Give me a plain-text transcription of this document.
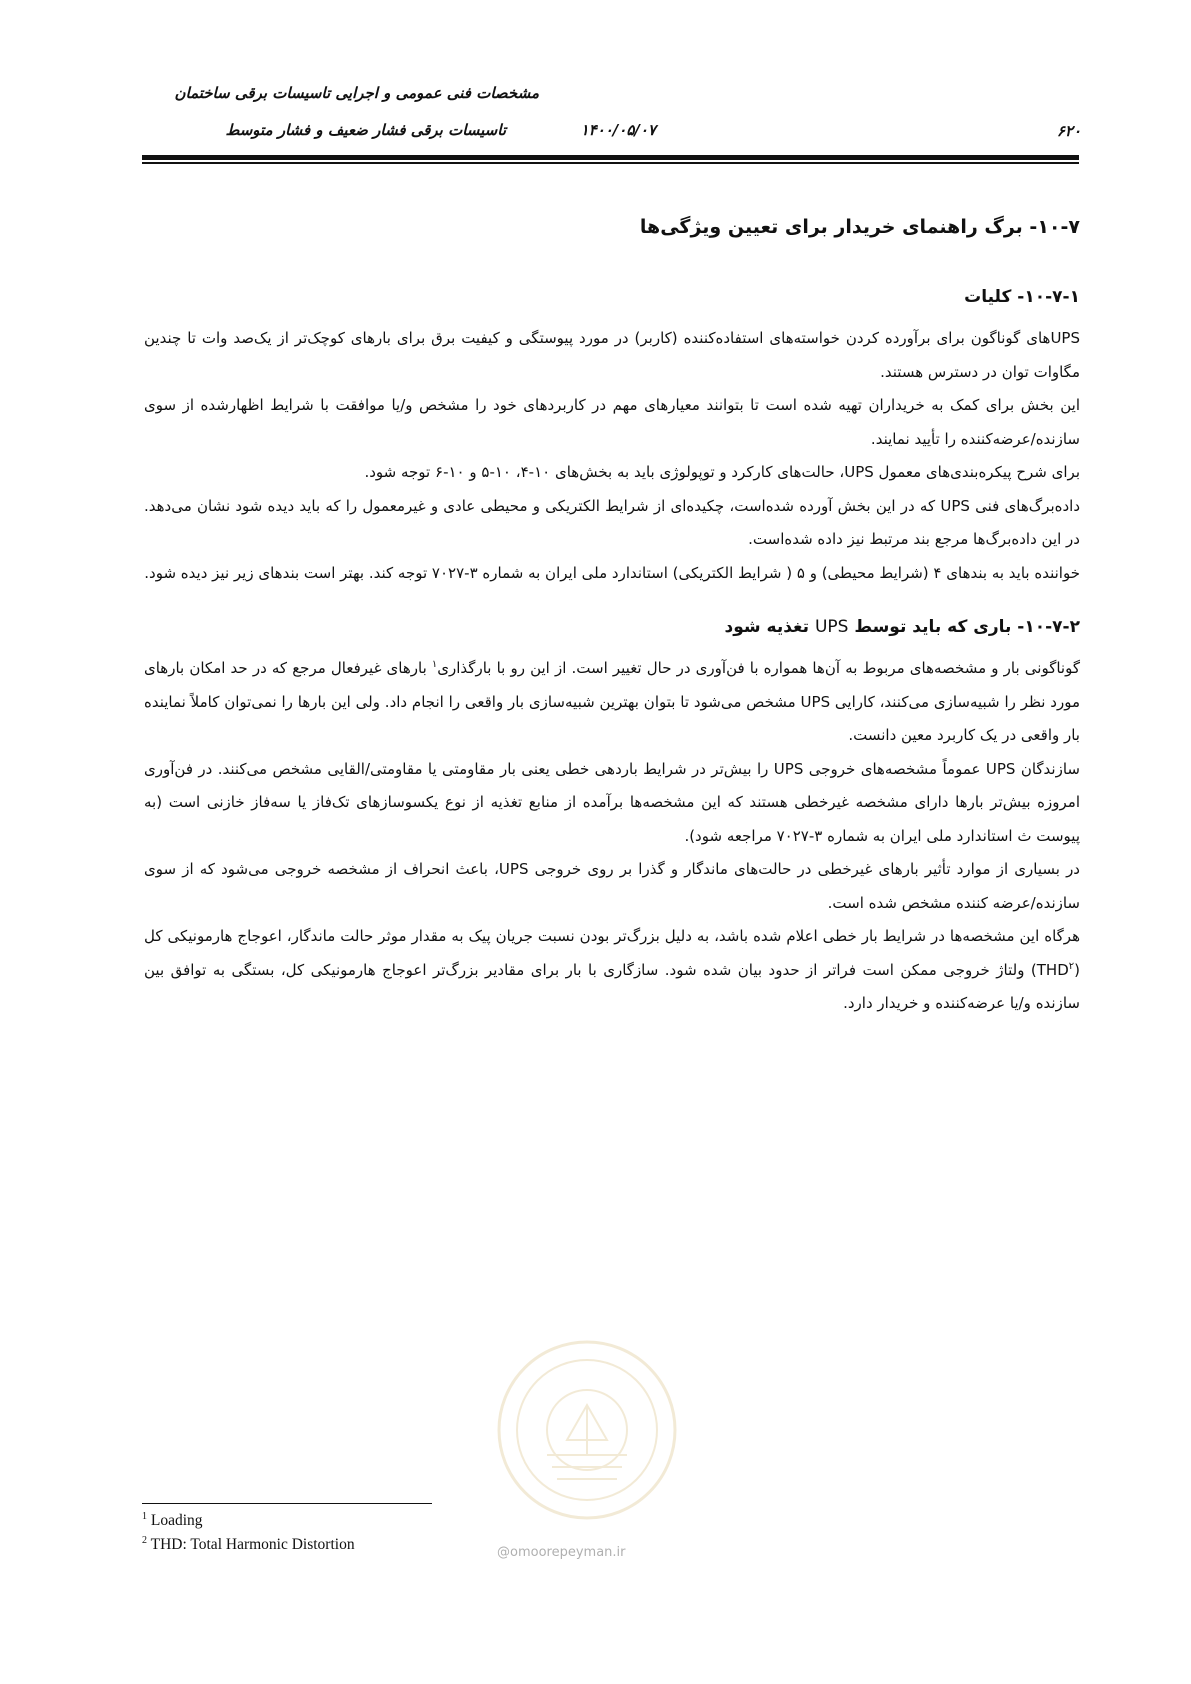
مشخصات فنی عمومی و اجرایی تاسیسات برقی ساختمان
تاسیسات برقی فشار ضعیف و فشار متوسط	۱۴۰۰/۰۵/۰۷	۶۲۰
۱۰-۷- برگ راهنمای خریدار برای تعیین ویژگی‌ها
۱۰-۷-۱- کلیات

UPSهای گوناگون برای برآورده کردن خواسته‌های استفاده‌کننده (کاربر) در مورد پیوستگی و کیفیت برق برای بارهای کوچک‌تر از یک‌صد وات تا چندین مگاوات توان در دسترس هستند.

این بخش برای کمک به خریداران تهیه شده است تا بتوانند معیارهای مهم در کاربردهای خود را مشخص و/یا موافقت با شرایط اظهارشده از سوی سازنده/عرضه‌کننده را تأیید نمایند.

برای شرح پیکره‌بندی‌های معمول UPS، حالت‌های کارکرد و توپولوژی باید به بخش‌های ۱۰-۴، ۱۰-۵ و ۱۰-۶ توجه شود.

داده‌برگ‌های فنی UPS که در این بخش آورده شده‌است، چکیده‌ای از شرایط الکتریکی و محیطی عادی و غیرمعمول را که باید دیده شود نشان می‌دهد. در این داده‌برگ‌ها مرجع بند مرتبط نیز داده شده‌است.

خواننده باید به بندهای ۴ (شرایط محیطی) و ۵ ( شرایط الکتریکی) استاندارد ملی ایران به شماره ۳-۷۰۲۷ توجه کند. بهتر است بندهای زیر نیز دیده شود.

۱۰-۷-۲- باری که باید توسط UPS تغذیه شود

گوناگونی بار و مشخصه‌های مربوط به آن‌ها همواره با فن‌آوری در حال تغییر است. از این رو با بارگذاری$^۱$ بارهای غیرفعال مرجع که در حد امکان بارهای مورد نظر را شبیه‌سازی می‌کنند، کارایی UPS مشخص می‌شود تا بتوان بهترین شبیه‌سازی بار واقعی را انجام داد. ولی این بارها را نمی‌توان کاملاً نماینده بار واقعی در یک کاربرد معین دانست.

سازندگان UPS عموماً مشخصه‌های خروجی UPS را بیش‌تر در شرایط باردهی خطی یعنی بار مقاومتی یا مقاومتی/القایی مشخص می‌کنند. در فن‌آوری امروزه بیش‌تر بارها دارای مشخصه غیرخطی هستند که این مشخصه‌ها برآمده از منابع تغذیه از نوع یکسوسازهای تک‌فاز یا سه‌فاز خازنی است (به پیوست ث استاندارد ملی ایران به شماره ۳-۷۰۲۷ مراجعه شود).

در بسیاری از موارد تأثیر بارهای غیرخطی در حالت‌های ماندگار و گذرا بر روی خروجی UPS، باعث انحراف از مشخصه خروجی می‌شود که از سوی سازنده/عرضه کننده مشخص شده است.

هرگاه این مشخصه‌ها در شرایط بار خطی اعلام شده باشد، به دلیل بزرگ‌تر بودن نسبت جریان پیک به مقدار موثر حالت ماندگار، اعوجاج هارمونیکی کل (THD$^۲$) ولتاژ خروجی ممکن است فراتر از حدود بیان شده شود. سازگاری با بار برای مقادیر بزرگ‌تر اعوجاج هارمونیکی کل، بستگی به توافق بین سازنده و/یا عرضه‌کننده و خریدار دارد.

$^1$ Loading
$^2$ THD: Total Harmonic Distortion	@omoorepeyman.ir
